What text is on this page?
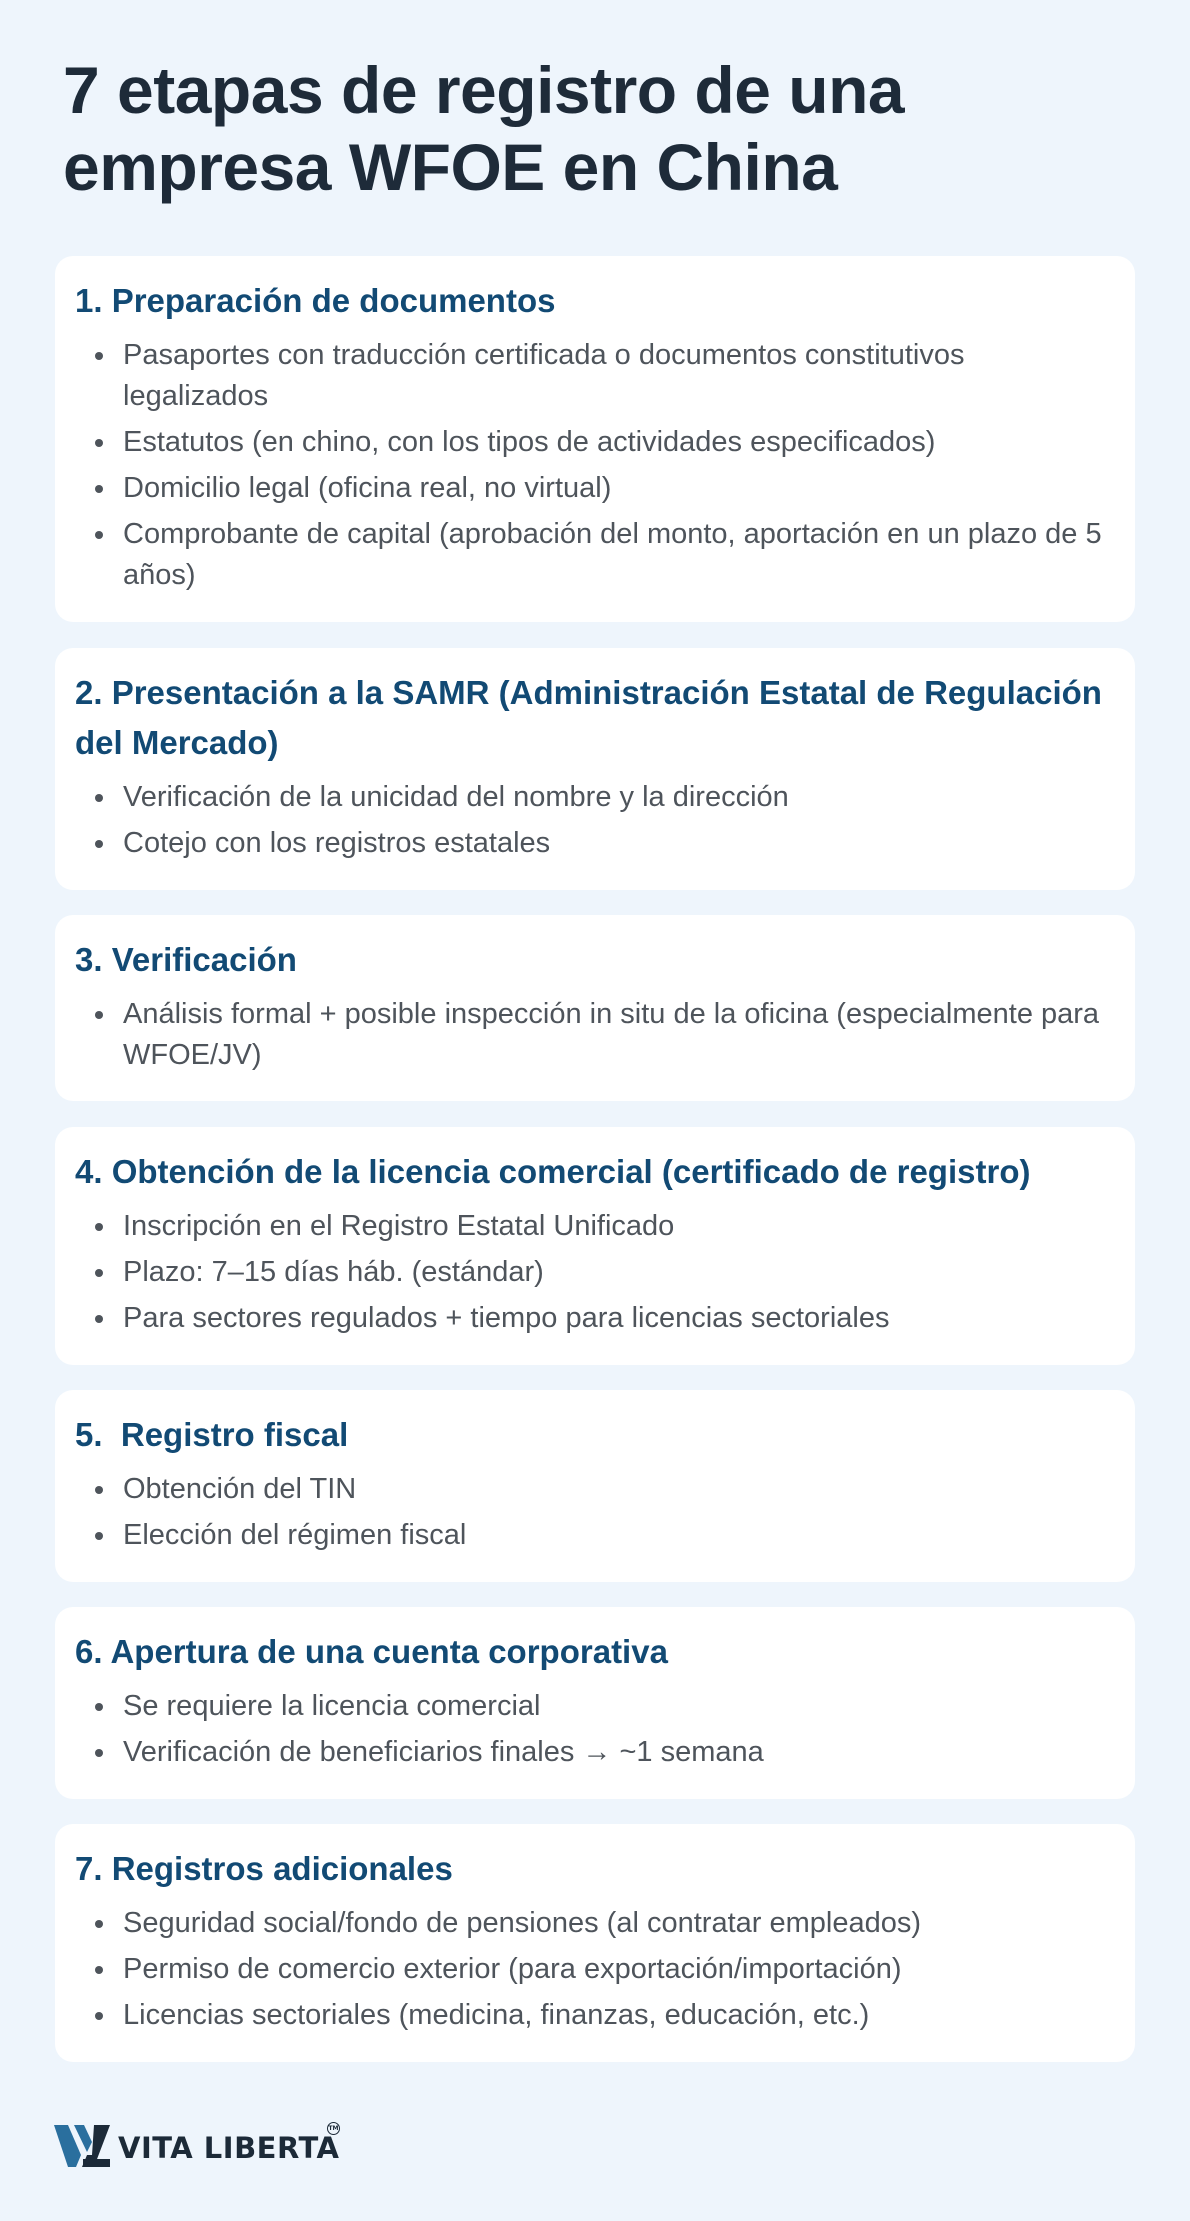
7 etapas de registro de una empresa WFOE en China
1. Preparación de documentos
Pasaportes con traducción certificada o documentos constitutivos legalizados
Estatutos (en chino, con los tipos de actividades especificados)
Domicilio legal (oficina real, no virtual)
Comprobante de capital (aprobación del monto, aportación en un plazo de 5 años)
2. Presentación a la SAMR (Administración Estatal de Regulación del Mercado)
Verificación de la unicidad del nombre y la dirección
Cotejo con los registros estatales
3. Verificación
Análisis formal + posible inspección in situ de la oficina (especialmente para WFOE/JV)
4. Obtención de la licencia comercial (certificado de registro)
Inscripción en el Registro Estatal Unificado
Plazo: 7–15 días háb. (estándar)
Para sectores regulados + tiempo para licencias sectoriales
5.  Registro fiscal
Obtención del TIN
Elección del régimen fiscal
6. Apertura de una cuenta corporativa
Se requiere la licencia comercial
Verificación de beneficiarios finales → ~1 semana
7. Registros adicionales
Seguridad social/fondo de pensiones (al contratar empleados)
Permiso de comercio exterior (para exportación/importación)
Licencias sectoriales (medicina, finanzas, educación, etc.)
VITA LIBERTA
TM
